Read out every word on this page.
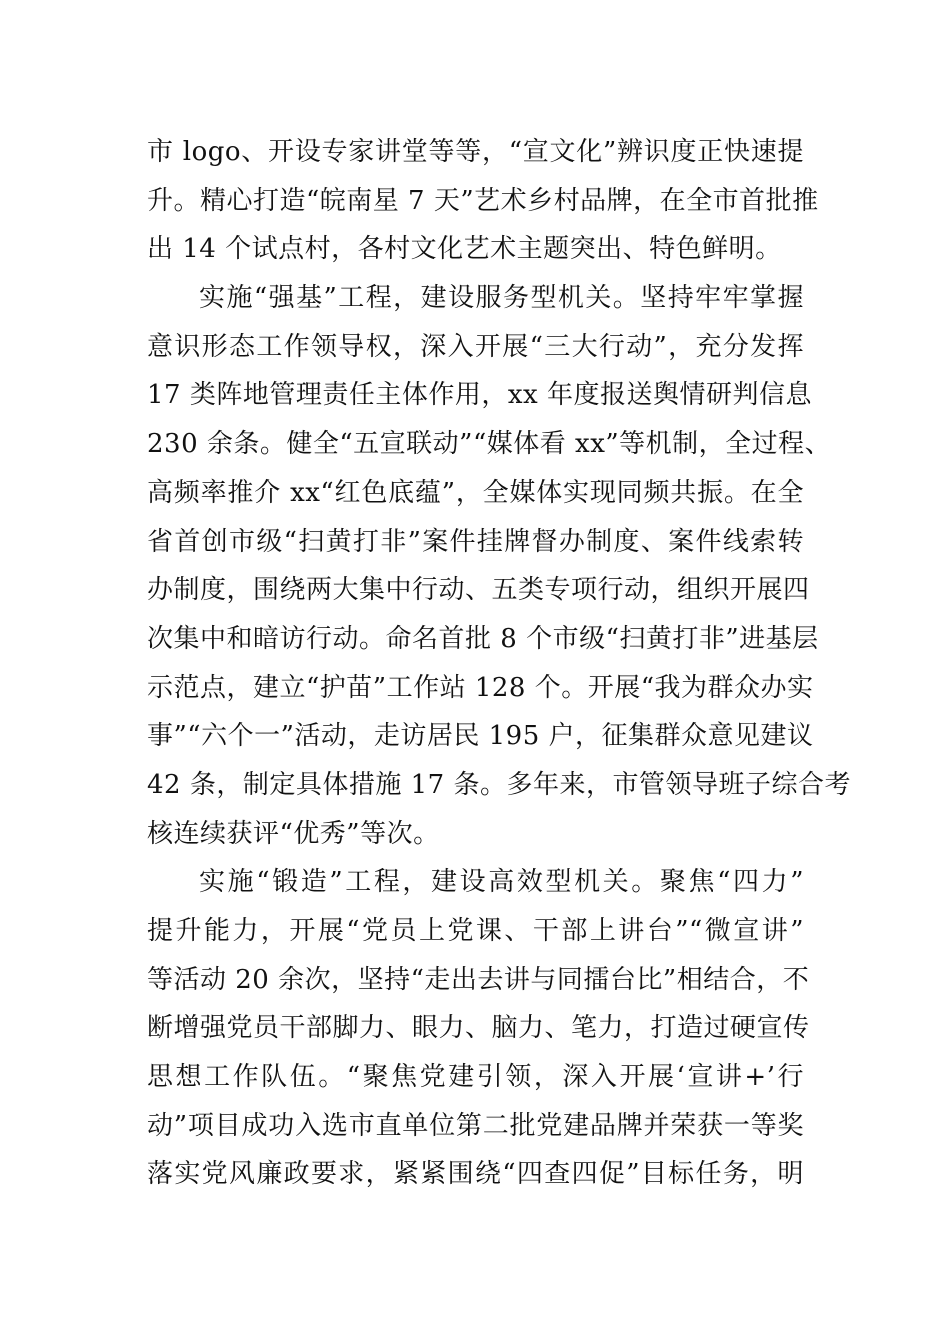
市 logo、开设专家讲堂等等，“宣文化”辨识度正快速提
升。精心打造“皖南星 7 天”艺术乡村品牌，在全市首批推
出 14 个试点村，各村文化艺术主题突出、特色鲜明。
实施“强基”工程，建设服务型机关。坚持牢牢掌握
意识形态工作领导权，深入开展“三大行动”，充分发挥
17 类阵地管理责任主体作用，xx 年度报送舆情研判信息
230 余条。健全“五宣联动”“媒体看 xx”等机制，全过程、
高频率推介 xx“红色底蕴”，全媒体实现同频共振。在全
省首创市级“扫黄打非”案件挂牌督办制度、案件线索转
办制度，围绕两大集中行动、五类专项行动，组织开展四
次集中和暗访行动。命名首批 8 个市级“扫黄打非”进基层
示范点，建立“护苗”工作站 128 个。开展“我为群众办实
事”“六个一”活动，走访居民 195 户，征集群众意见建议
42 条，制定具体措施 17 条。多年来，市管领导班子综合考
核连续获评“优秀”等次。
实施“锻造”工程，建设高效型机关。聚焦“四力”
提升能力，开展“党员上党课、干部上讲台”“微宣讲”
等活动 20 余次，坚持“走出去讲与同擂台比”相结合，不
断增强党员干部脚力、眼力、脑力、笔力，打造过硬宣传
思想工作队伍。“聚焦党建引领，深入开展‘宣讲+’行
动”项目成功入选市直单位第二批党建品牌并荣获一等奖
落实党风廉政要求，紧紧围绕“四查四促”目标任务，明
